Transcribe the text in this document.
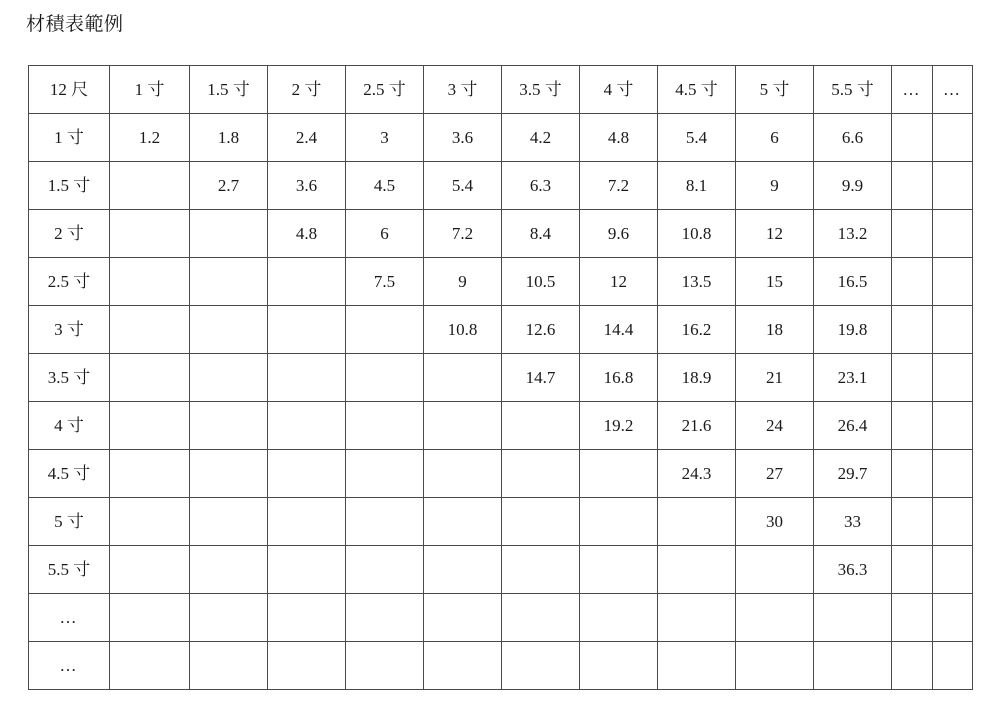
材積表範例
12 尺	1 寸	1.5 寸	2 寸	2.5 寸	3 寸	3.5 寸	4 寸	4.5 寸	5 寸	5.5 寸	…	…
1 寸	1.2	1.8	2.4	3	3.6	4.2	4.8	5.4	6	6.6		
1.5 寸		2.7	3.6	4.5	5.4	6.3	7.2	8.1	9	9.9		
2 寸			4.8	6	7.2	8.4	9.6	10.8	12	13.2		
2.5 寸				7.5	9	10.5	12	13.5	15	16.5		
3 寸					10.8	12.6	14.4	16.2	18	19.8		
3.5 寸						14.7	16.8	18.9	21	23.1		
4 寸							19.2	21.6	24	26.4		
4.5 寸								24.3	27	29.7		
5 寸									30	33		
5.5 寸										36.3		
…												
…												
